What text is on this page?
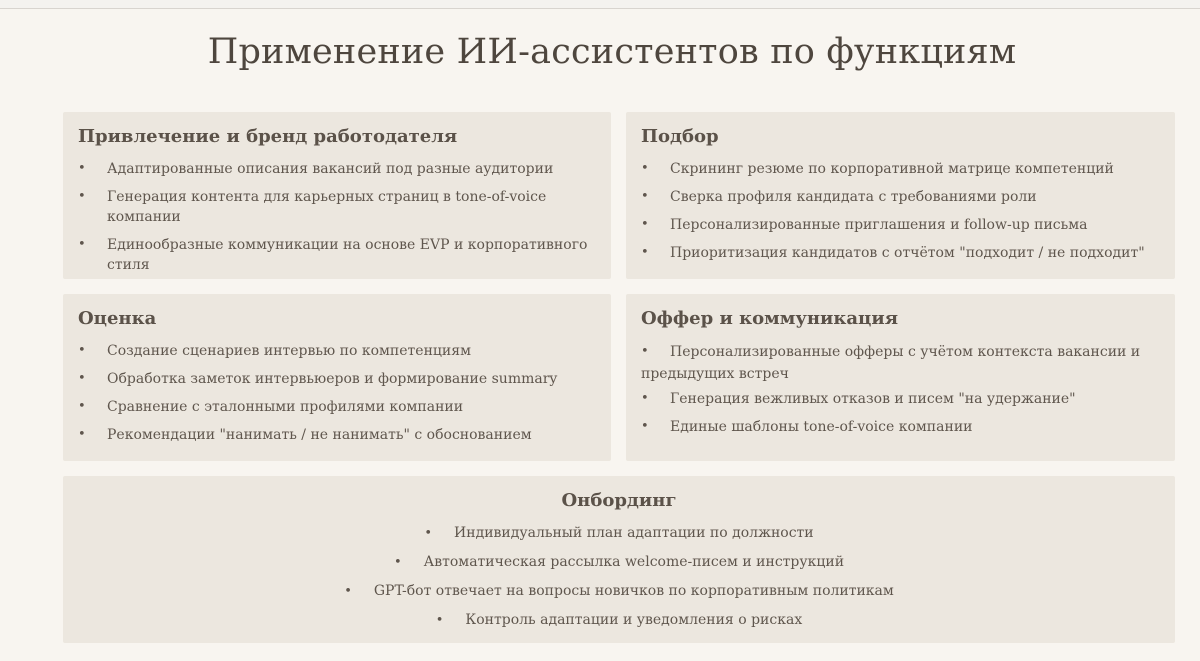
Применение ИИ-ассистентов по функциям
Привлечение и бренд работодателя
• Адаптированные описания вакансий под разные аудитории
• Генерация контента для карьерных страниц в tone-of-voice компании
• Единообразные коммуникации на основе EVP и корпоративного стиля
Подбор
• Скрининг резюме по корпоративной матрице компетенций
• Сверка профиля кандидата с требованиями роли
• Персонализированные приглашения и follow-up письма
• Приоритизация кандидатов с отчётом "подходит / не подходит"
Оценка
• Создание сценариев интервью по компетенциям
• Обработка заметок интервьюеров и формирование summary
• Сравнение с эталонными профилями компании
• Рекомендации "нанимать / не нанимать" с обоснованием
Оффер и коммуникация
• Персонализированные офферы с учётом контекста вакансии и предыдущих встреч
• Генерация вежливых отказов и писем "на удержание"
• Единые шаблоны tone-of-voice компании
Онбординг
• Индивидуальный план адаптации по должности
• Автоматическая рассылка welcome-писем и инструкций
• GPT-бот отвечает на вопросы новичков по корпоративным политикам
• Контроль адаптации и уведомления о рисках
